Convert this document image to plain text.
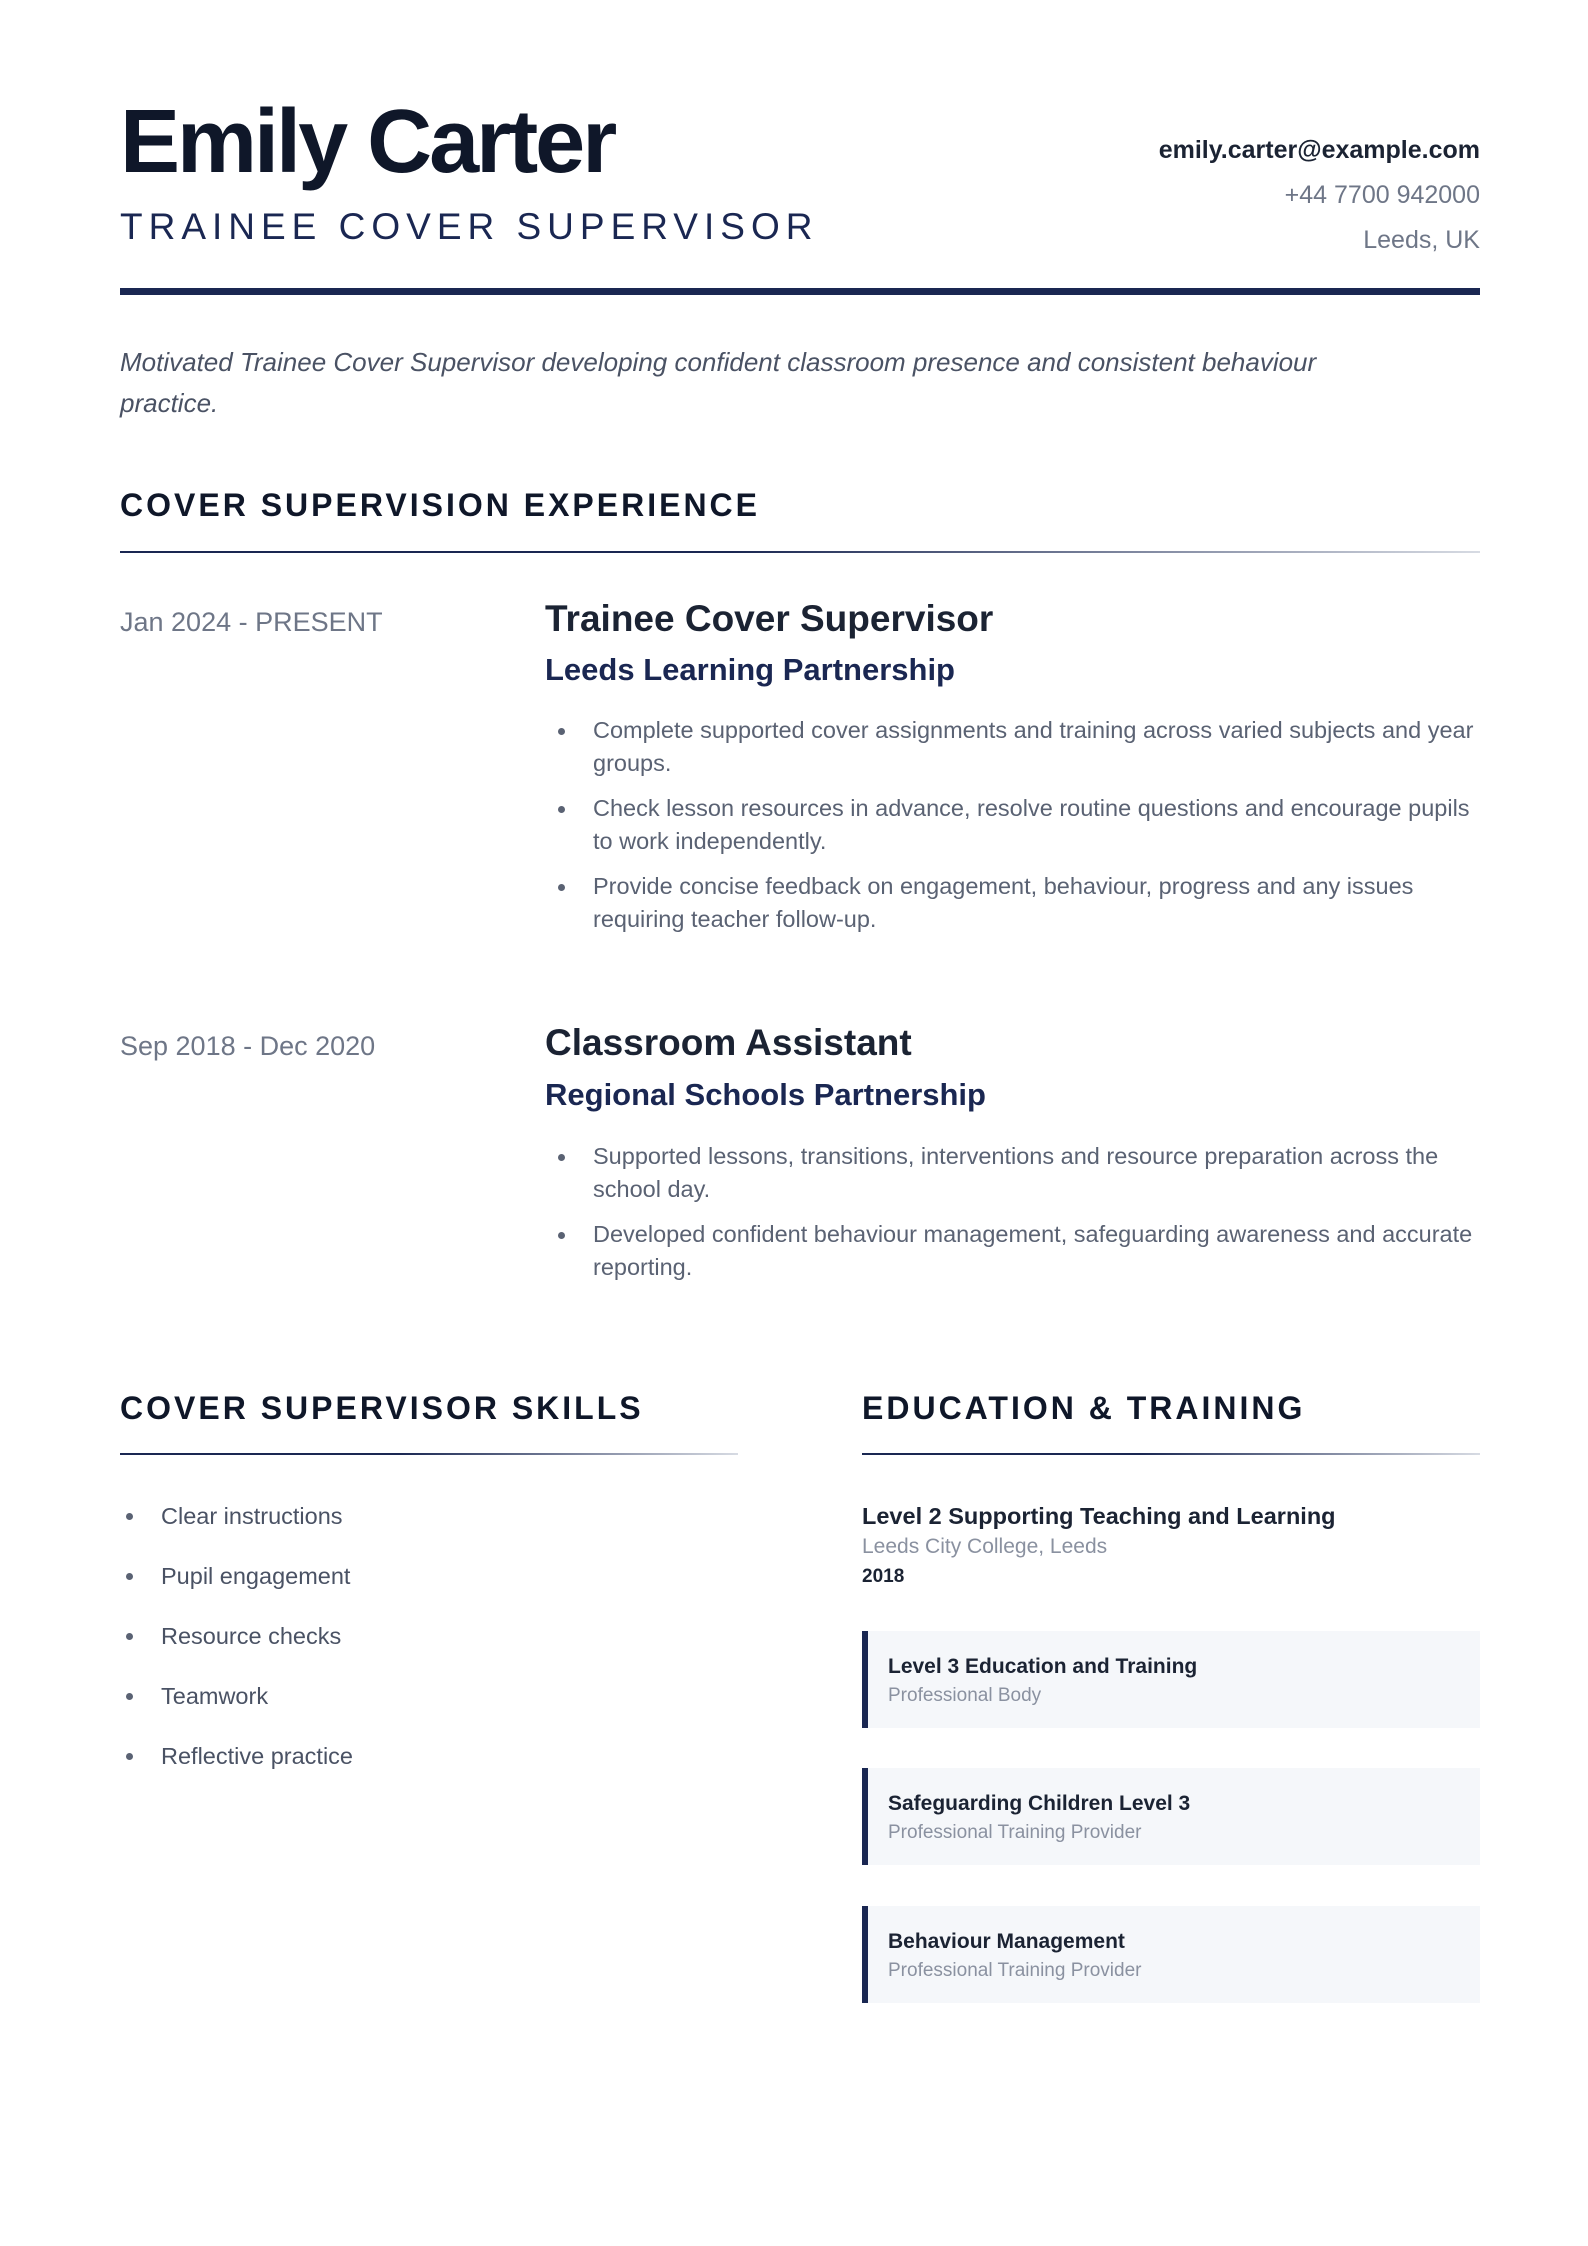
Emily Carter
TRAINEE COVER SUPERVISOR
emily.carter@example.com
+44 7700 942000
Leeds, UK
Motivated Trainee Cover Supervisor developing confident classroom presence and consistent behaviour practice.
COVER SUPERVISION EXPERIENCE
Jan 2024 - PRESENT	Trainee Cover Supervisor
Leeds Learning Partnership
Complete supported cover assignments and training across varied subjects and year groups.
Check lesson resources in advance, resolve routine questions and encourage pupils to work independently.
Provide concise feedback on engagement, behaviour, progress and any issues requiring teacher follow-up.
Sep 2018 - Dec 2020	Classroom Assistant
Regional Schools Partnership
Supported lessons, transitions, interventions and resource preparation across the school day.
Developed confident behaviour management, safeguarding awareness and accurate reporting.
COVER SUPERVISOR SKILLS
Clear instructions
Pupil engagement
Resource checks
Teamwork
Reflective practice
EDUCATION & TRAINING
Level 2 Supporting Teaching and Learning
Leeds City College, Leeds
2018
Level 3 Education and Training
Professional Body
Safeguarding Children Level 3
Professional Training Provider
Behaviour Management
Professional Training Provider
